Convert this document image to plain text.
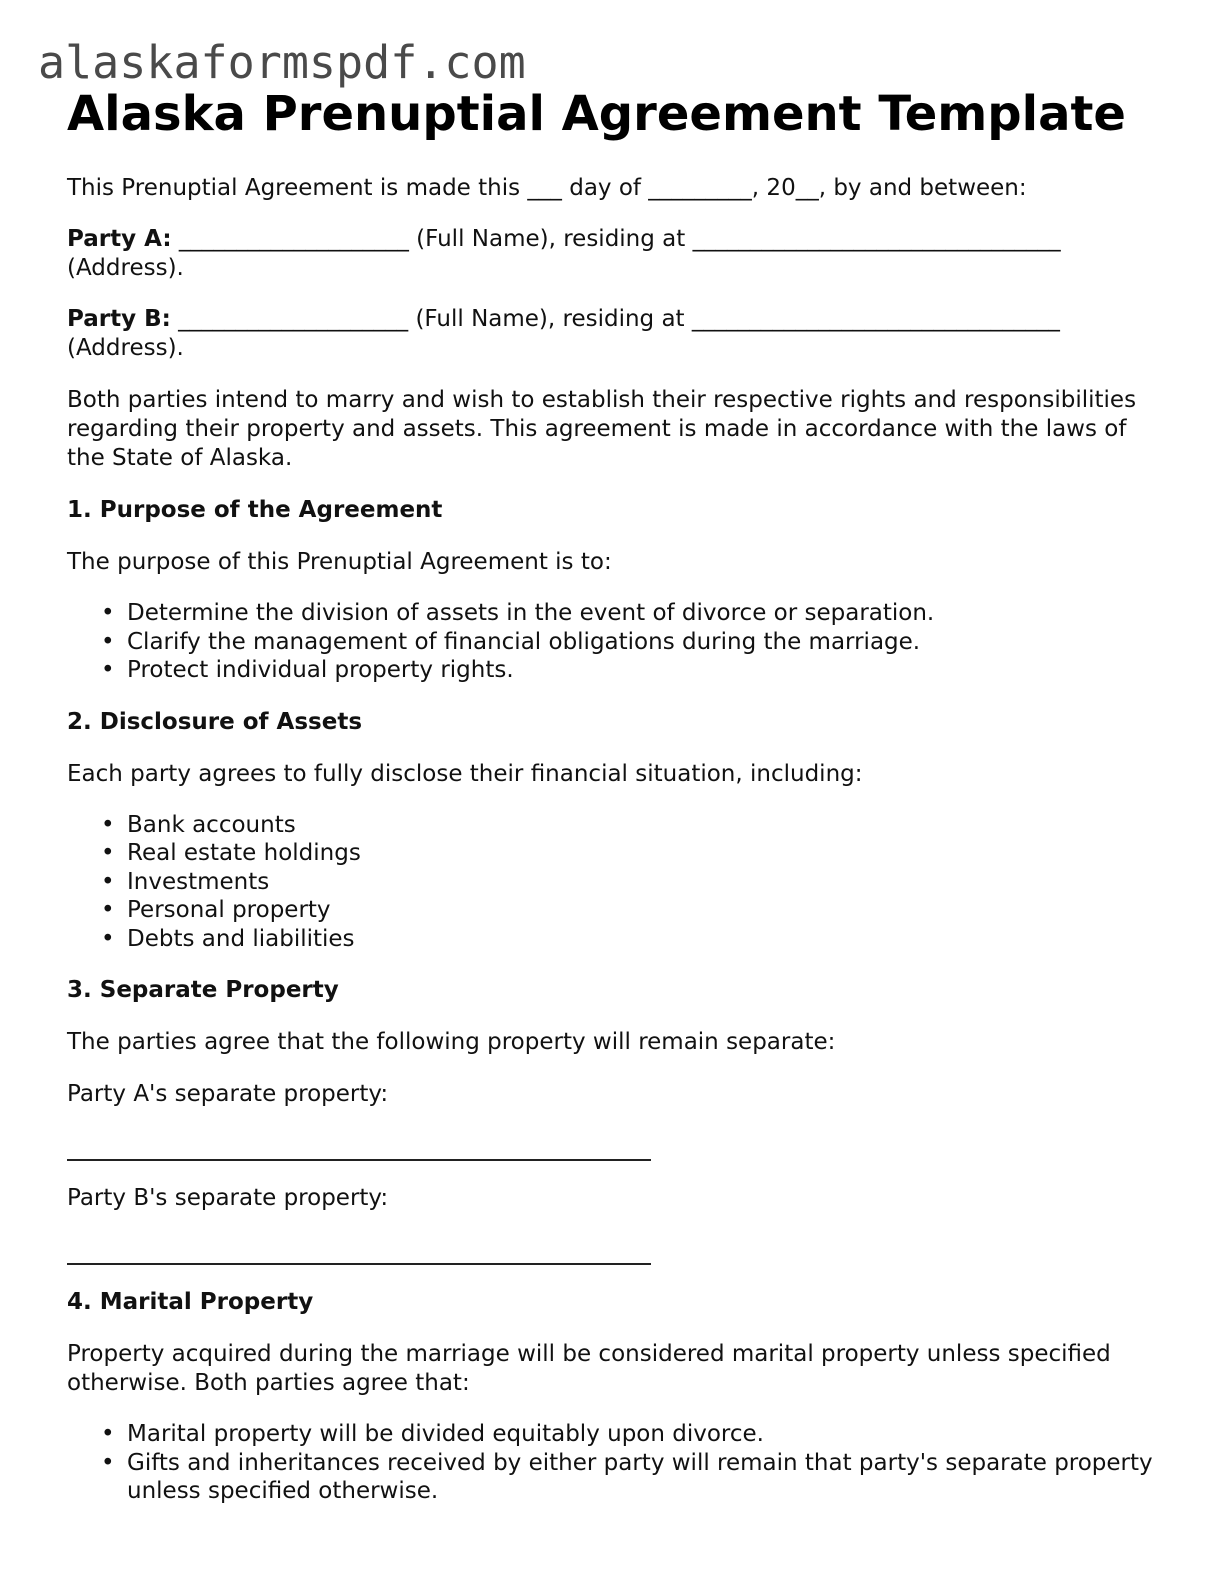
alaskaformspdf.com
Alaska Prenuptial Agreement Template

This Prenuptial Agreement is made this ___ day of _________, 20__, by and between:

Party A: ____________________ (Full Name), residing at ________________________________ (Address).

Party B: ____________________ (Full Name), residing at ________________________________ (Address).

Both parties intend to marry and wish to establish their respective rights and responsibilities regarding their property and assets. This agreement is made in accordance with the laws of the State of Alaska.

1. Purpose of the Agreement

The purpose of this Prenuptial Agreement is to:

• Determine the division of assets in the event of divorce or separation.
• Clarify the management of financial obligations during the marriage.
• Protect individual property rights.
2. Disclosure of Assets

Each party agrees to fully disclose their financial situation, including:

• Bank accounts
• Real estate holdings
• Investments
• Personal property
• Debts and liabilities
3. Separate Property

The parties agree that the following property will remain separate:

Party A's separate property:

Party B's separate property:

4. Marital Property

Property acquired during the marriage will be considered marital property unless specified otherwise. Both parties agree that:

• Marital property will be divided equitably upon divorce.
• Gifts and inheritances received by either party will remain that party's separate property unless specified otherwise.
